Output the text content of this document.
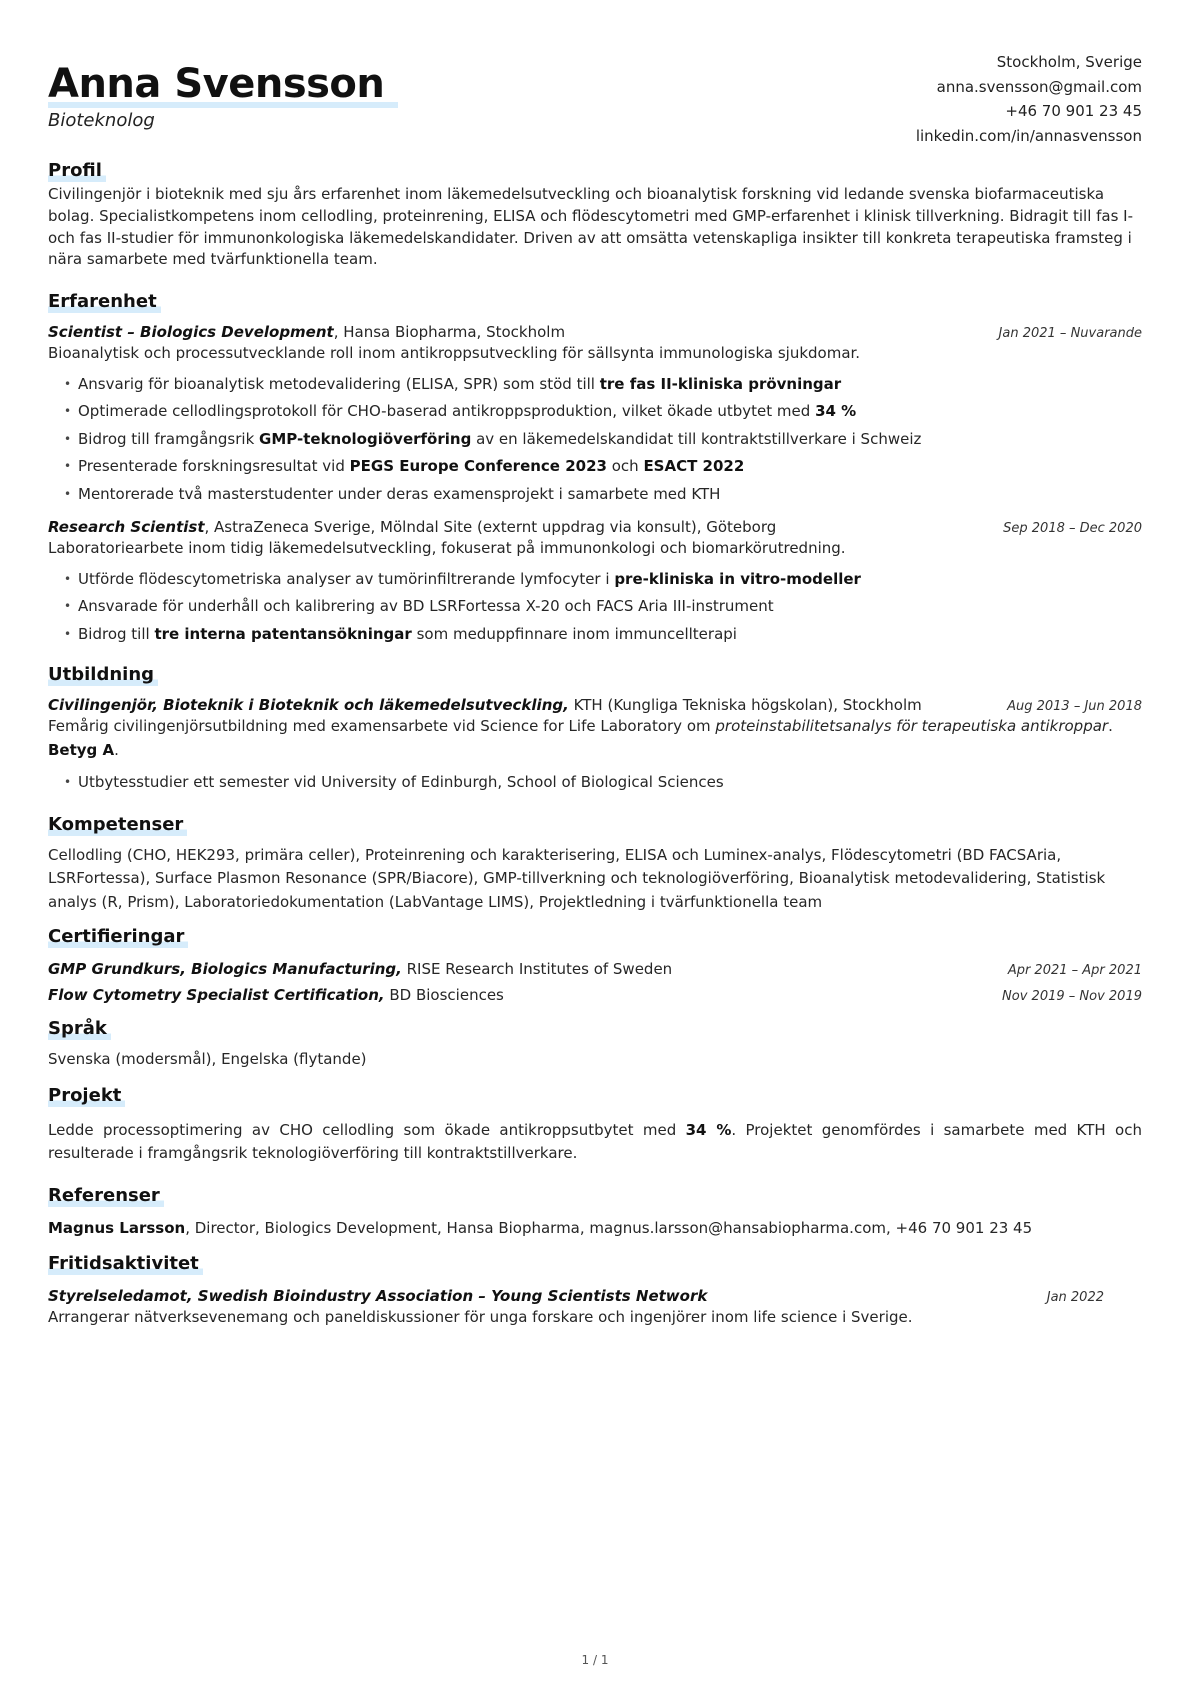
Anna Svensson
Bioteknolog
Stockholm, Sverige
anna.svensson@gmail.com
+46 70 901 23 45
linkedin.com/in/annasvensson
Profil
Civilingenjör i bioteknik med sju års erfarenhet inom läkemedelsutveckling och bioanalytisk forskning vid ledande svenska biofarmaceutiska bolag. Specialistkompetens inom cellodling, proteinrening, ELISA och flödescytometri med GMP-erfarenhet i klinisk tillverkning. Bidragit till fas I- och fas II-studier för immunonkologiska läkemedelskandidater. Driven av att omsätta vetenskapliga insikter till konkreta terapeutiska framsteg i nära samarbete med tvärfunktionella team.
Erfarenhet
Scientist – Biologics Development, Hansa Biopharma, Stockholm	Jan 2021 – Nuvarande
Bioanalytisk och processutvecklande roll inom antikroppsutveckling för sällsynta immunologiska sjukdomar.
• Ansvarig för bioanalytisk metodevalidering (ELISA, SPR) som stöd till tre fas II-kliniska prövningar
• Optimerade cellodlingsprotokoll för CHO-baserad antikroppsproduktion, vilket ökade utbytet med 34 %
• Bidrog till framgångsrik GMP-teknologiöverföring av en läkemedelskandidat till kontraktstillverkare i Schweiz
• Presenterade forskningsresultat vid PEGS Europe Conference 2023 och ESACT 2022
• Mentorerade två masterstudenter under deras examensprojekt i samarbete med KTH
Research Scientist, AstraZeneca Sverige, Mölndal Site (externt uppdrag via konsult), Göteborg	Sep 2018 – Dec 2020
Laboratoriearbete inom tidig läkemedelsutveckling, fokuserat på immunonkologi och biomarkörutredning.
• Utförde flödescytometriska analyser av tumörinfiltrerande lymfocyter i pre-kliniska in vitro-modeller
• Ansvarade för underhåll och kalibrering av BD LSRFortessa X-20 och FACS Aria III-instrument
• Bidrog till tre interna patentansökningar som meduppfinnare inom immuncellterapi
Utbildning
Civilingenjör, Bioteknik i Bioteknik och läkemedelsutveckling, KTH (Kungliga Tekniska högskolan), Stockholm	Aug 2013 – Jun 2018
Femårig civilingenjörsutbildning med examensarbete vid Science for Life Laboratory om proteinstabilitetsanalys för terapeutiska antikroppar. Betyg A.
• Utbytesstudier ett semester vid University of Edinburgh, School of Biological Sciences
Kompetenser
Cellodling (CHO, HEK293, primära celler), Proteinrening och karakterisering, ELISA och Luminex-analys, Flödescytometri (BD FACSAria, LSRFortessa), Surface Plasmon Resonance (SPR/Biacore), GMP-tillverkning och teknologiöverföring, Bioanalytisk metodevalidering, Statistisk analys (R, Prism), Laboratoriedokumentation (LabVantage LIMS), Projektledning i tvärfunktionella team
Certifieringar
GMP Grundkurs, Biologics Manufacturing, RISE Research Institutes of Sweden	Apr 2021 – Apr 2021
Flow Cytometry Specialist Certification, BD Biosciences	Nov 2019 – Nov 2019
Språk
Svenska (modersmål), Engelska (flytande)
Projekt
Ledde processoptimering av CHO cellodling som ökade antikroppsutbytet med 34 %. Projektet genomfördes i samarbete med KTH och resulterade i framgångsrik teknologiöverföring till kontraktstillverkare.
Referenser
Magnus Larsson, Director, Biologics Development, Hansa Biopharma, magnus.larsson@hansabiopharma.com, +46 70 901 23 45
Fritidsaktivitet
Styrelseledamot, Swedish Bioindustry Association – Young Scientists Network	Jan 2022
Arrangerar nätverksevenemang och paneldiskussioner för unga forskare och ingenjörer inom life science i Sverige.
1 / 1
